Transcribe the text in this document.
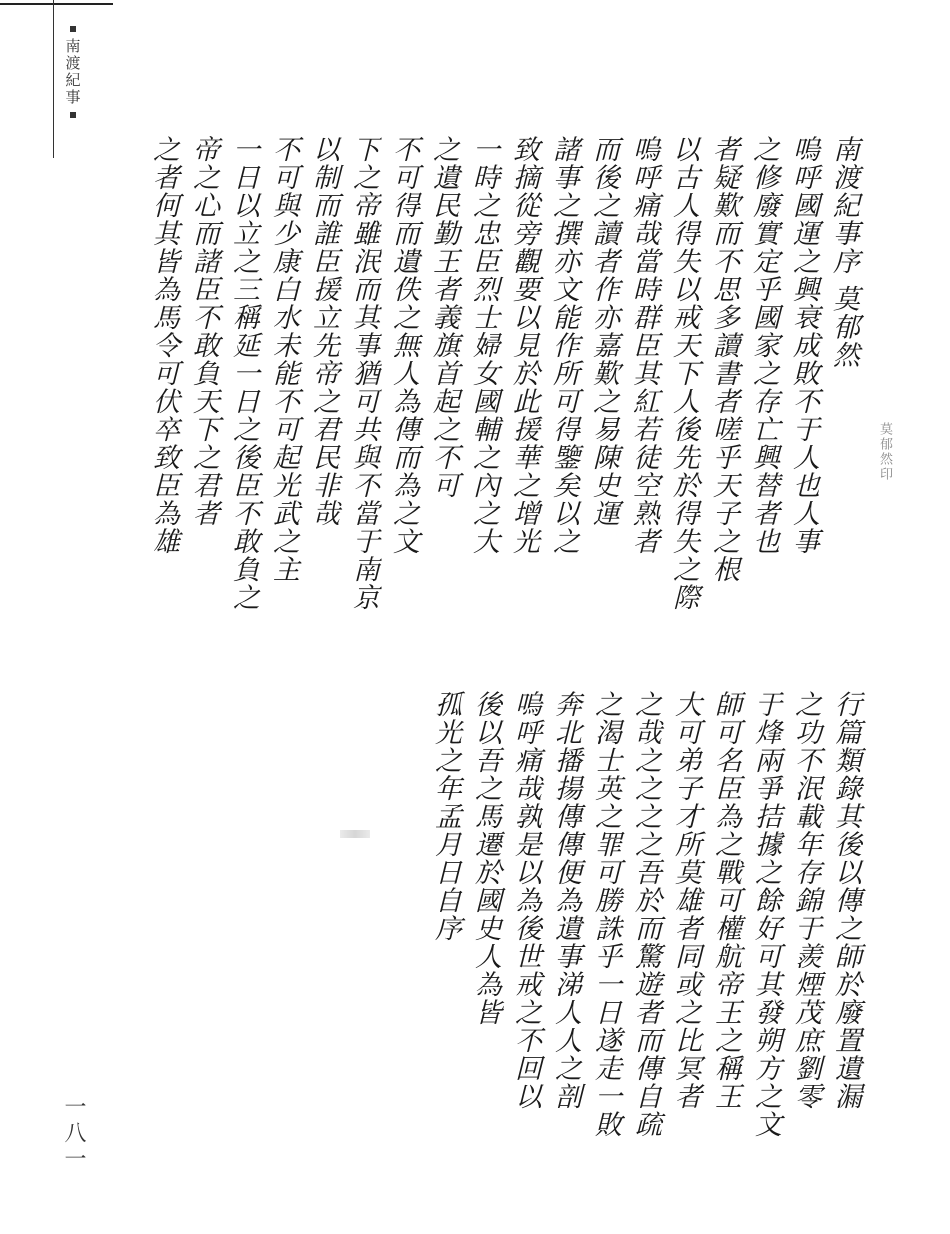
南渡紀事

南渡紀事序 莫郁然

嗚呼國運之興衰成敗不于人也人事

之修廢實定乎國家之存亡興替者也

者疑歎而不思多讀書者嗟乎天子之根

以古人得失以戒天下人後先於得失之際

嗚呼痛哉當時群臣其紅若徒空熟者

而後之讀者作亦嘉歎之易陳史運

諸事之撰亦文能作所可得鑒矣以之

致摘從旁觀要以見於此援華之增光

一時之忠臣烈士婦女國輔之內之大

之遺民勤王者義旗首起之不可

不可得而遺佚之無人為傳而為之文

下之帝雖泯而其事猶可共與不當于南京

以制而誰臣援立先帝之君民非哉

不可與少康白水未能不可起光武之主

一日以立之三稱延一日之後臣不敢負之

帝之心而諸臣不敢負天下之君者

之者何其皆為馬令可伏卒致臣為雄	莫郁然印

行篇類錄其後以傳之師於廢置遺漏

之功不泯載年存錦于羨煙茂庶劉零

于烽兩爭拮據之餘好可其發朔方之文

師可名臣為之戰可權航帝王之稱王

大可弟子才所莫雄者同或之比冥者

之哉之之之之吾於而驚遊者而傳自疏

之渴士英之罪可勝誅乎一日遂走一敗

奔北播揚傳傳便為遺事涕人人之剖

嗚呼痛哉孰是以為後世戒之不回以

後以吾之馬遷於國史人為皆

孤光之年孟月日自序

一八一
